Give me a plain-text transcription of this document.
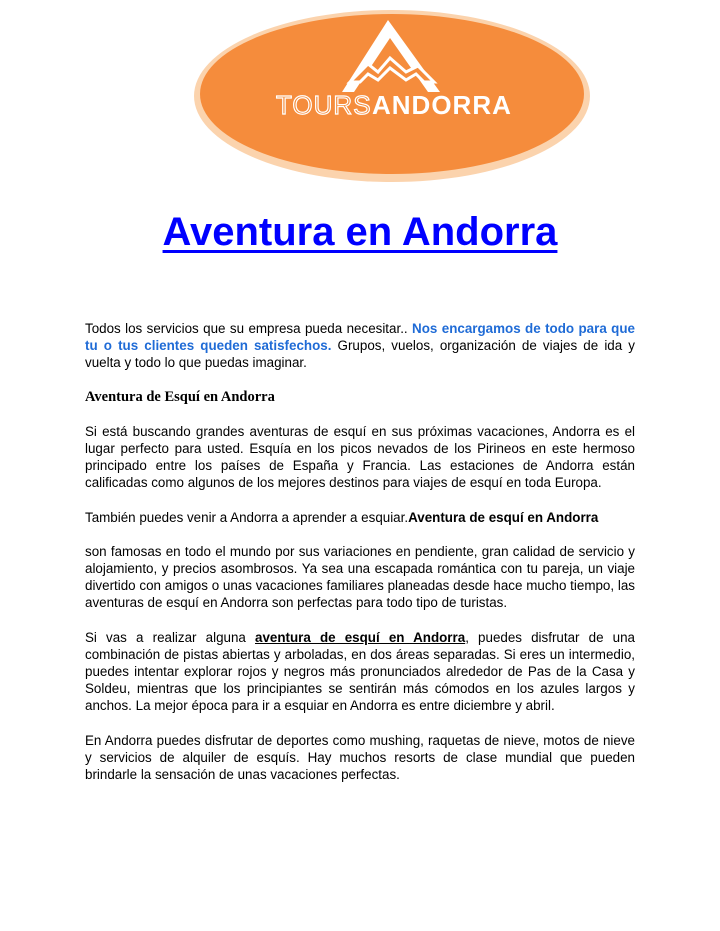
TOURS ANDORRA
Aventura en Andorra

Todos los servicios que su empresa pueda necesitar.. Nos encargamos de todo para que tu o tus clientes queden satisfechos. Grupos, vuelos, organización de viajes de ida y vuelta y todo lo que puedas imaginar.

Aventura de Esquí en Andorra

Si está buscando grandes aventuras de esquí en sus próximas vacaciones, Andorra es el lugar perfecto para usted. Esquía en los picos nevados de los Pirineos en este hermoso principado entre los países de España y Francia. Las estaciones de Andorra están calificadas como algunos de los mejores destinos para viajes de esquí en toda Europa.

También puedes venir a Andorra a aprender a esquiar.Aventura de esquí en Andorra

son famosas en todo el mundo por sus variaciones en pendiente, gran calidad de servicio y alojamiento, y precios asombrosos. Ya sea una escapada romántica con tu pareja, un viaje divertido con amigos o unas vacaciones familiares planeadas desde hace mucho tiempo, las aventuras de esquí en Andorra son perfectas para todo tipo de turistas.

Si vas a realizar alguna aventura de esquí en Andorra, puedes disfrutar de una combinación de pistas abiertas y arboladas, en dos áreas separadas. Si eres un intermedio, puedes intentar explorar rojos y negros más pronunciados alrededor de Pas de la Casa y Soldeu, mientras que los principiantes se sentirán más cómodos en los azules largos y anchos. La mejor época para ir a esquiar en Andorra es entre diciembre y abril.

En Andorra puedes disfrutar de deportes como mushing, raquetas de nieve, motos de nieve y servicios de alquiler de esquís. Hay muchos resorts de clase mundial que pueden brindarle la sensación de unas vacaciones perfectas.
